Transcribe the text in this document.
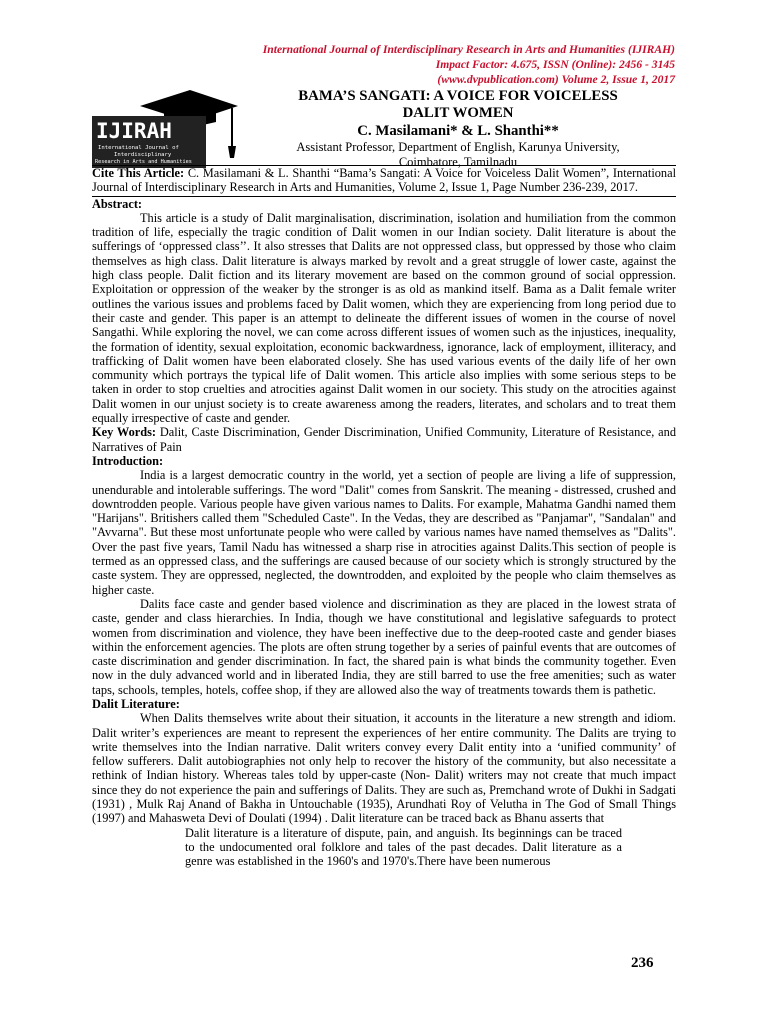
International Journal of Interdisciplinary Research in Arts and Humanities (IJIRAH)
Impact Factor: 4.675, ISSN (Online): 2456 - 3145
(www.dvpublication.com) Volume 2, Issue 1, 2017
IJIRAH
International Journal of
Interdisciplinary
Research in Arts and Humanities
BAMA’S SANGATI: A VOICE FOR VOICELESS
DALIT WOMEN
C. Masilamani* & L. Shanthi**
Assistant Professor, Department of English, Karunya University,
Coimbatore, Tamilnadu

Cite This Article: C. Masilamani & L. Shanthi “Bama’s Sangati: A Voice for Voiceless Dalit Women”, International Journal of Interdisciplinary Research in Arts and Humanities, Volume 2, Issue 1, Page Number 236-239, 2017.

Abstract:

This article is a study of Dalit marginalisation, discrimination, isolation and humiliation from the common tradition of life, especially the tragic condition of Dalit women in our Indian society. Dalit literature is about the sufferings of ‘oppressed class’’. It also stresses that Dalits are not oppressed class, but oppressed by those who claim themselves as high class. Dalit literature is always marked by revolt and a great struggle of lower caste, against the high class people. Dalit fiction and its literary movement are based on the common ground of social oppression. Exploitation or oppression of the weaker by the stronger is as old as mankind itself. Bama as a Dalit female writer outlines the various issues and problems faced by Dalit women, which they are experiencing from long period due to their caste and gender. This paper is an attempt to delineate the different issues of women in the course of novel Sangathi. While exploring the novel, we can come across different issues of women such as the injustices, inequality, the formation of identity, sexual exploitation, economic backwardness, ignorance, lack of employment, illiteracy, and trafficking of Dalit women have been elaborated closely. She has used various events of the daily life of her own community which portrays the typical life of Dalit women. This article also implies with some serious steps to be taken in order to stop cruelties and atrocities against Dalit women in our society. This study on the atrocities against Dalit women in our unjust society is to create awareness among the readers, literates, and scholars and to treat them equally irrespective of caste and gender.

Key Words: Dalit, Caste Discrimination, Gender Discrimination, Unified Community, Literature of Resistance, and Narratives of Pain

Introduction:

India is a largest democratic country in the world, yet a section of people are living a life of suppression, unendurable and intolerable sufferings. The word "Dalit" comes from Sanskrit. The meaning - distressed, crushed and downtrodden people. Various people have given various names to Dalits. For example, Mahatma Gandhi named them "Harijans". Britishers called them "Scheduled Caste". In the Vedas, they are described as "Panjamar", "Sandalan" and "Avvarna". But these most unfortunate people who were called by various names have named themselves as "Dalits". Over the past five years, Tamil Nadu has witnessed a sharp rise in atrocities against Dalits.This section of people is termed as an oppressed class, and the sufferings are caused because of our society which is strongly structured by the caste system. They are oppressed, neglected, the downtrodden, and exploited by the people who claim themselves as higher caste.

Dalits face caste and gender based violence and discrimination as they are placed in the lowest strata of caste, gender and class hierarchies. In India, though we have constitutional and legislative safeguards to protect women from discrimination and violence, they have been ineffective due to the deep-rooted caste and gender biases within the enforcement agencies. The plots are often strung together by a series of painful events that are outcomes of caste discrimination and gender discrimination. In fact, the shared pain is what binds the community together. Even now in the duly advanced world and in liberated India, they are still barred to use the free amenities; such as water taps, schools, temples, hotels, coffee shop, if they are allowed also the way of treatments towards them is pathetic.

Dalit Literature:

When Dalits themselves write about their situation, it accounts in the literature a new strength and idiom. Dalit writer’s experiences are meant to represent the experiences of her entire community. The Dalits are trying to write themselves into the Indian narrative. Dalit writers convey every Dalit entity into a ‘unified community’ of fellow sufferers. Dalit autobiographies not only help to recover the history of the community, but also necessitate a rethink of Indian history. Whereas tales told by upper-caste (Non- Dalit) writers may not create that much impact since they do not experience the pain and sufferings of Dalits. They are such as, Premchand wrote of Dukhi in Sadgati (1931) , Mulk Raj Anand of Bakha in Untouchable (1935), Arundhati Roy of Velutha in The God of Small Things (1997) and Mahasweta Devi of Doulati (1994) . Dalit literature can be traced back as Bhanu asserts that

Dalit literature is a literature of dispute, pain, and anguish. Its beginnings can be traced to the undocumented oral folklore and tales of the past decades. Dalit literature as a genre was established in the 1960's and 1970's.There have been numerous

236
